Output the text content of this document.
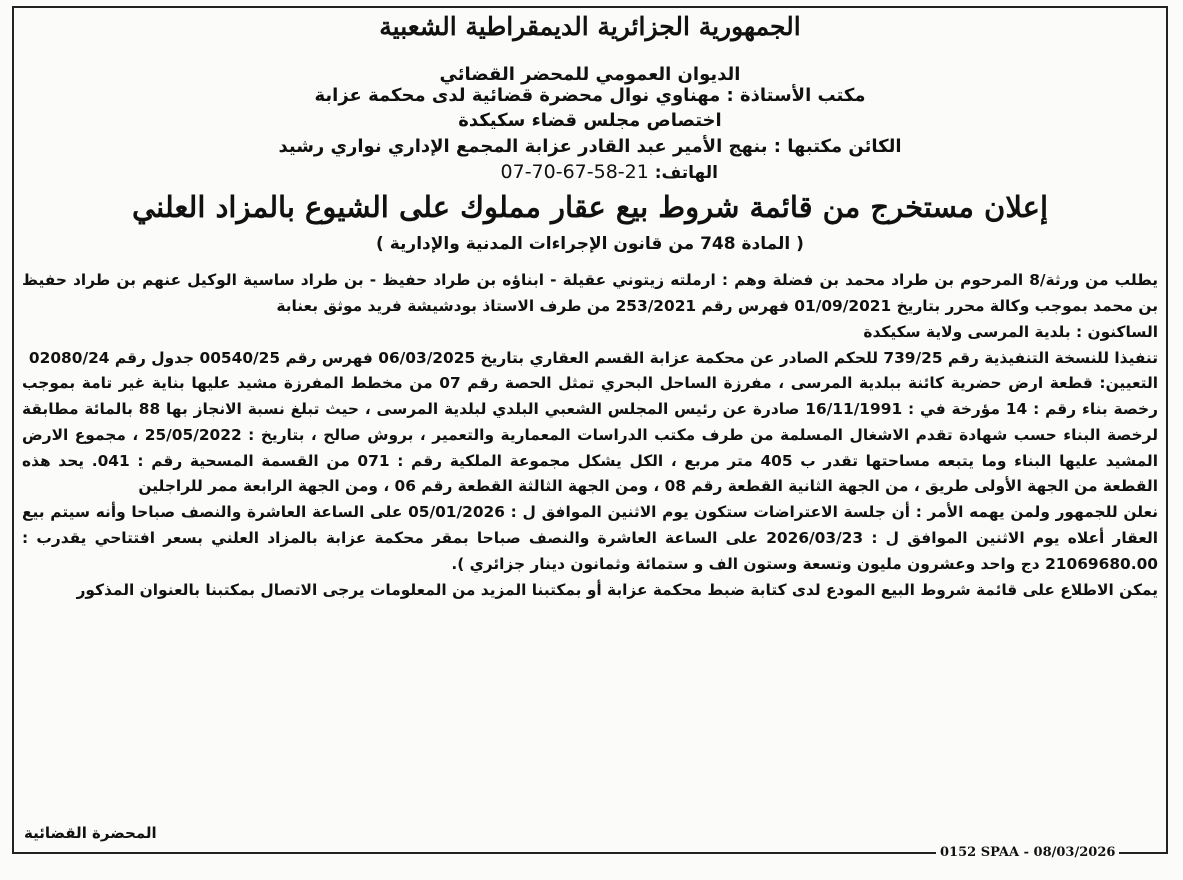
الجمهورية الجزائرية الديمقراطية الشعبية
الديوان العمومي للمحضر القضائي
مكتب الأستاذة : مهناوي نوال محضرة قضائية لدى محكمة عزابة
اختصاص مجلس قضاء سكيكدة
الكائن مكتبها : بنهج الأمير عبد القادر عزابة المجمع الإداري نواري رشيد
الهاتف: 07-70-67-58-21
إعلان مستخرج من قائمة شروط بيع عقار مملوك على الشيوع بالمزاد العلني
( المادة 748 من قانون الإجراءات المدنية والإدارية )

يطلب من ورثة/8 المرحوم بن طراد محمد بن فضلة وهم : ارملته زيتوني عقيلة - ابناؤه بن طراد حفيظ - بن طراد ساسية الوكيل عنهم بن طراد حفيظ بن محمد بموجب وكالة محرر بتاريخ 01/09/2021 فهرس رقم 253/2021 من طرف الاستاذ بودشيشة فريد موثق بعنابة

الساكنون : بلدية المرسى ولاية سكيكدة

تنفيذا للنسخة التنفيذية رقم 739/25 للحكم الصادر عن محكمة عزابة القسم العقاري بتاريخ 06/03/2025 فهرس رقم 00540/25 جدول رقم 02080/24

التعيين: قطعة ارض حضرية كائنة ببلدية المرسى ، مفرزة الساحل البحري تمثل الحصة رقم 07 من مخطط المفرزة مشيد عليها بناية غير تامة بموجب رخصة بناء رقم : 14 مؤرخة في : 16/11/1991 صادرة عن رئيس المجلس الشعبي البلدي لبلدية المرسى ، حيث تبلغ نسبة الانجاز بها 88 بالمائة مطابقة لرخصة البناء حسب شهادة تقدم الاشغال المسلمة من طرف مكتب الدراسات المعمارية والتعمير ، بروش صالح ، بتاريخ : 25/05/2022 ، مجموع الارض المشيد عليها البناء وما يتبعه مساحتها تقدر ب 405 متر مربع ، الكل يشكل مجموعة الملكية رقم : 071 من القسمة المسحية رقم : 041. يحد هذه القطعة من الجهة الأولى طريق ، من الجهة الثانية القطعة رقم 08 ، ومن الجهة الثالثة القطعة رقم 06 ، ومن الجهة الرابعة ممر للراجلين

نعلن للجمهور ولمن يهمه الأمر : أن جلسة الاعتراضات ستكون يوم الاثنين الموافق ل : 05/01/2026 على الساعة العاشرة والنصف صباحا وأنه سيتم بيع العقار أعلاه يوم الاثنين الموافق ل : 2026/03/23 على الساعة العاشرة والنصف صباحا بمقر محكمة عزابة بالمزاد العلني بسعر افتتاحي يقدرب : 21069680.00 دج واحد وعشرون مليون وتسعة وستون الف و ستمائة وثمانون دينار جزائري ).

يمكن الاطلاع على قائمة شروط البيع المودع لدى كتابة ضبط محكمة عزابة أو بمكتبنا المزيد من المعلومات يرجى الاتصال بمكتبنا بالعنوان المذكور

المحضرة القضائية
0152 SPAA - 08/03/2026
